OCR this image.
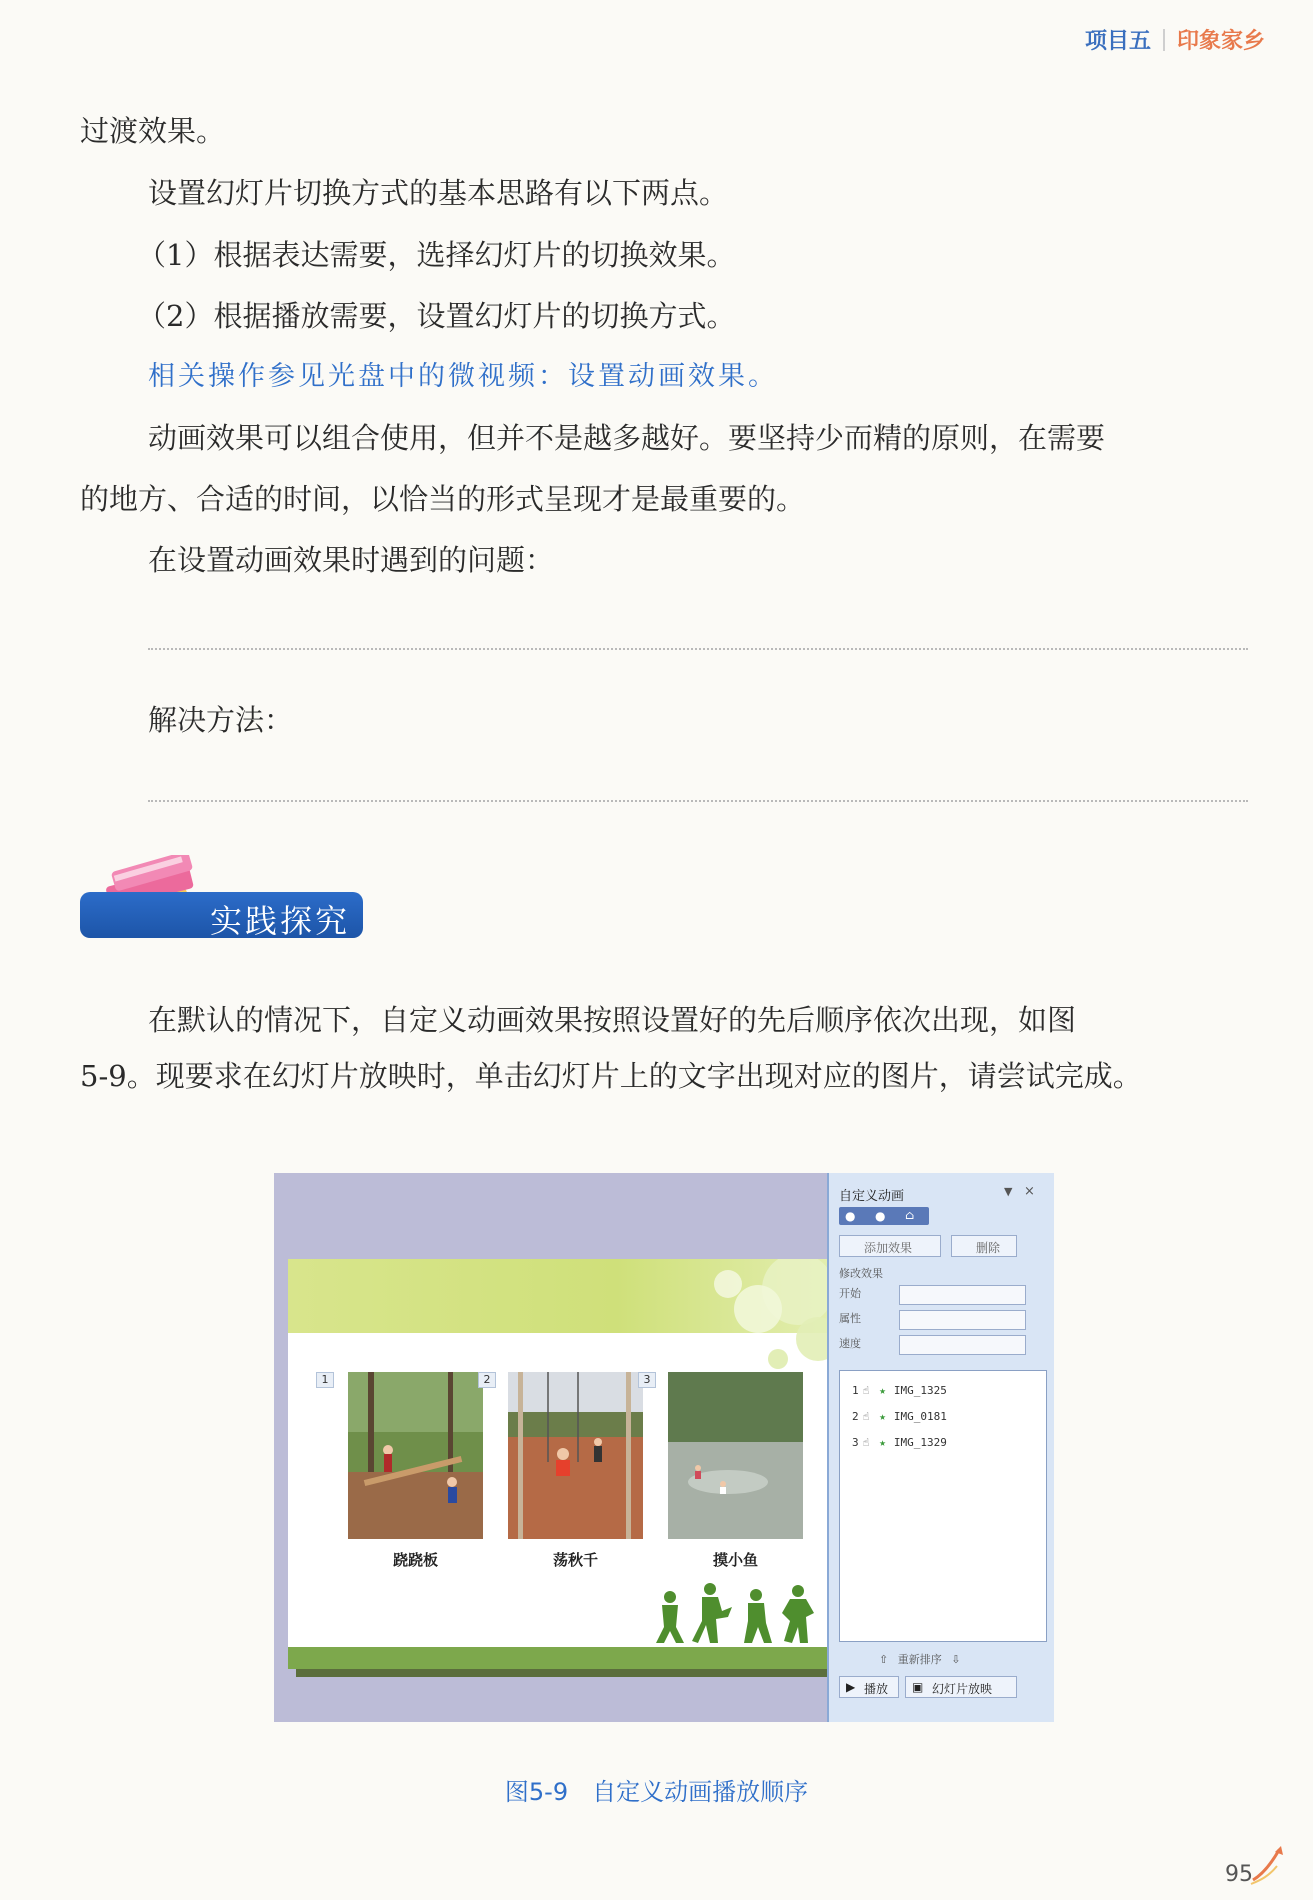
项目五 印象家乡
过渡效果。
设置幻灯片切换方式的基本思路有以下两点。
（1）根据表达需要，选择幻灯片的切换效果。
（2）根据播放需要，设置幻灯片的切换方式。
相关操作参见光盘中的微视频：设置动画效果。
动画效果可以组合使用，但并不是越多越好。要坚持少而精的原则，在需要
的地方、合适的时间，以恰当的形式呈现才是最重要的。
在设置动画效果时遇到的问题：
解决方法：
实践探究
在默认的情况下，自定义动画效果按照设置好的先后顺序依次出现，如图
5-9。现要求在幻灯片放映时，单击幻灯片上的文字出现对应的图片，请尝试完成。
1
跷跷板
2
荡秋千
3
摸小鱼
自定义动画	▼ ×
● ● ⌂
添加效果	删除
修改效果
开始
属性
速度
1 ☝ ★ IMG_1325
2 ☝ ★ IMG_0181
3 ☝ ★ IMG_1329
⇧ 重新排序 ⇩
▶ 播放 ▣ 幻灯片放映
图5-9　自定义动画播放顺序
95
